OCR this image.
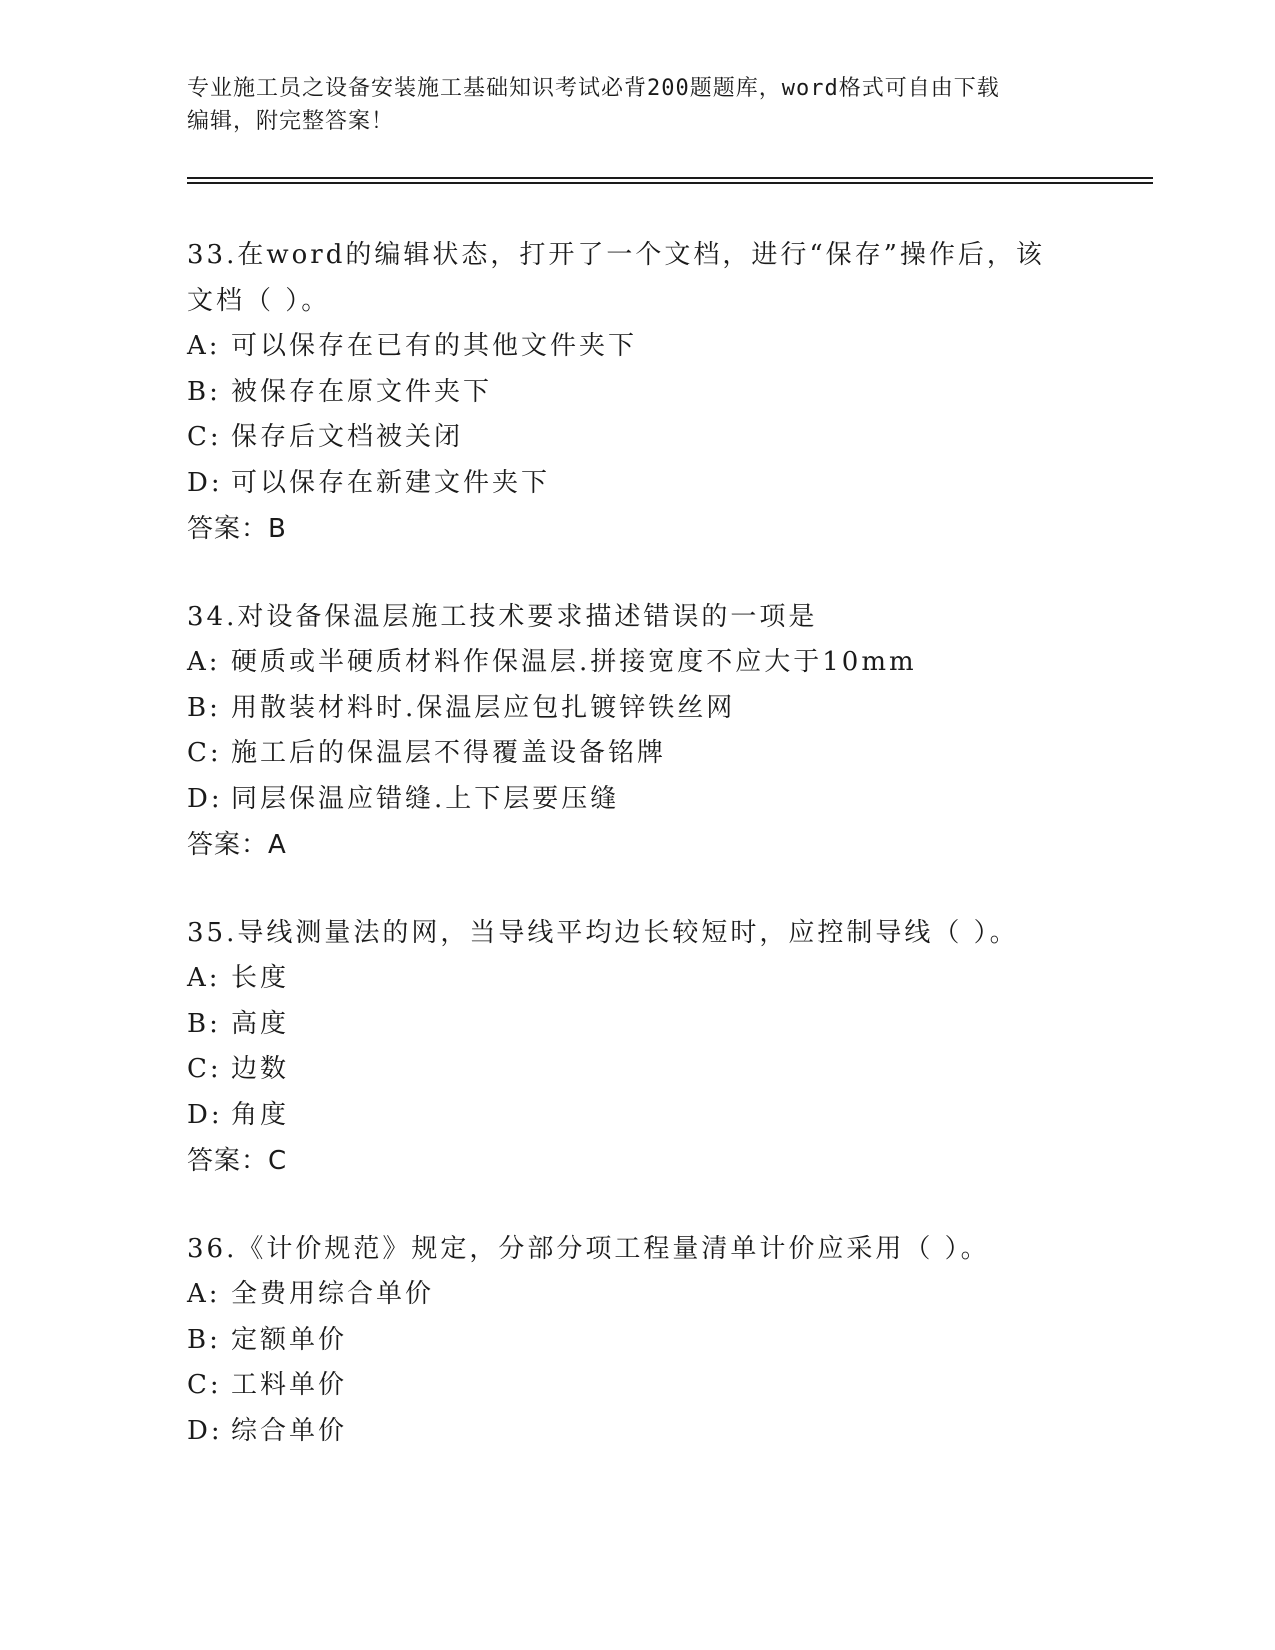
专业施工员之设备安装施工基础知识考试必背200题题库，word格式可自由下载
编辑，附完整答案！
33.在word的编辑状态，打开了一个文档，进行“保存”操作后，该
文档（ ）。
A: 可以保存在已有的其他文件夹下
B: 被保存在原文件夹下
C: 保存后文档被关闭
D: 可以保存在新建文件夹下
答案：B
34.对设备保温层施工技术要求描述错误的一项是
A: 硬质或半硬质材料作保温层.拼接宽度不应大于10mm
B: 用散装材料时.保温层应包扎镀锌铁丝网
C: 施工后的保温层不得覆盖设备铭牌
D: 同层保温应错缝.上下层要压缝
答案：A
35.导线测量法的网，当导线平均边长较短时，应控制导线（ ）。
A: 长度
B: 高度
C: 边数
D: 角度
答案：C
36.《计价规范》规定，分部分项工程量清单计价应采用（ ）。
A: 全费用综合单价
B: 定额单价
C: 工料单价
D: 综合单价
